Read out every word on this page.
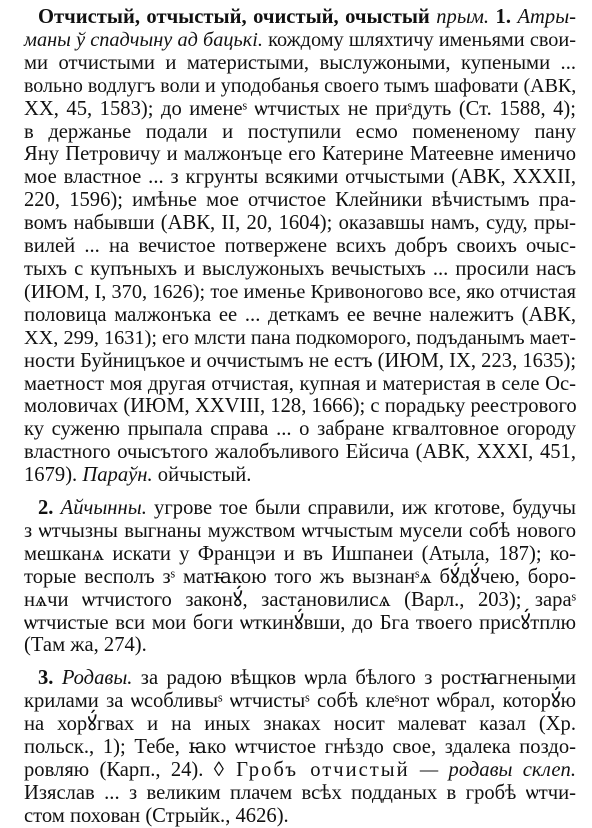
Отчистый, отчыстый, очистый, очыстый прым. 1. Атры-
маны ў спадчыну ад бацькі. кождому шляхтичу именьями свои-
ми отчистыми и материстыми, выслужоными, купеными ...
вольно водлугъ воли и уподобанья своего тымъ шафовати (АВК,
XX, 45, 1583); до именеˢ ѡтчистых не приˢдуть (Ст. 1588, 4);
в держанье подали и поступили есмо помененому пану
Яну Петровичу и малжонъце его Катерине Матеевне именичо
мое властное ... з кгрунты всякими отчыстыми (АВК, XXXII,
220, 1596); имѣнье мое отчистое Клейники вѣчистымъ пра-
вомъ набывши (АВК, II, 20, 1604); оказавшы намъ, суду, пры-
вилей ... на вечистое потвержене всихъ добръ своихъ очыс-
тыхъ с купъныхъ и выслужоныхъ вечыстыхъ ... просили насъ
(ИЮМ, I, 370, 1626); тое именье Кривоногово все, яко отчистая
половица малжонъка ее ... деткамъ ее вечне належитъ (АВК,
XX, 299, 1631); его млсти пана подкоморого, подъданымъ мает-
ности Буйницъкое и оччистымъ не естъ (ИЮМ, IX, 223, 1635);
маетност моя другая отчистая, купная и материстая в селе Ос-
моловичах (ИЮМ, XXVIII, 128, 1666); с порадьку реестрового
ку суженю прыпала справа ... о забране кгвалтовное огороду
властного очысътого жалобъливого Ейсича (АВК, XXXI, 451,
1679). Параўн. ойчыстый.
2. Айчынны. угрове тое были справили, иж кготове, будучы
з ѡтчызны выгнаны мужством ѡтчыстым мусели собѣ нового
мешканѧ искати у Францэи и въ Ишпанеи (Атыла, 187); ко-
торые весполъ зˢ матꙗкою того жъ вызнанˢѧ бꙋ́дꙋ́чею, боро-
нѧчи ѡтчистого законꙋ́, застановилисѧ (Варл., 203); зараˢ
ѡтчистые вси мои боги ѡткинꙋ́вши, до Бга твоего присꙋ́тплю
(Там жа, 274).
3. Родавы. за радою вѣщков ѡрла бѣлого з ростꙗгнеными
крилами за ѡсобливыˢ ѡтчистыˢ собѣ клеˢнот ѡбрал, которꙋ́ю
на хорꙋ́гвах и на иных знаках носит малеват казал (Хр.
польск., 1); Тебе, ꙗко ѡтчистое гнѣздо свое, здалека поздо-
ровляю (Карп., 24). ◊ Гробъ отчистый — родавы склеп.
Изяслав ... з великим плачем всѣх подданых в гробѣ ѡтчи-
стом похован (Стрыйк., 4626).
